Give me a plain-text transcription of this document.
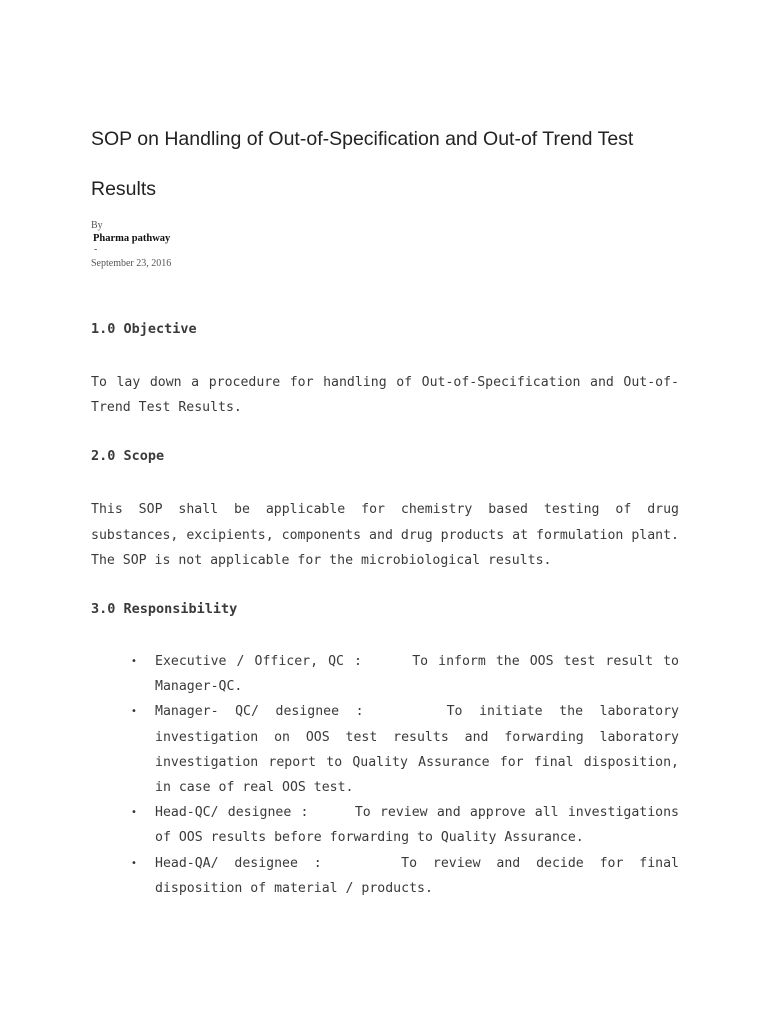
SOP on Handling of Out-of-Specification and Out-of Trend Test Results
By
Pharma pathway
-
September 23, 2016
1.0 Objective

To lay down a procedure for handling of Out-of-Specification and Out-of-Trend Test Results.

2.0 Scope

This SOP shall be applicable for chemistry based testing of drug substances, excipients, components and drug products at formulation plant. The SOP is not applicable for the microbiological results.

3.0 Responsibility
• Executive / Officer, QC :	To inform the OOS test result to Manager-QC.
• Manager- QC/ designee :	To initiate the laboratory investigation on OOS test results and forwarding laboratory investigation report to Quality Assurance for final disposition, in case of real OOS test.
• Head-QC/ designee :	To review and approve all investigations of OOS results before forwarding to Quality Assurance.
• Head-QA/ designee :	To review and decide for final disposition of material / products.
